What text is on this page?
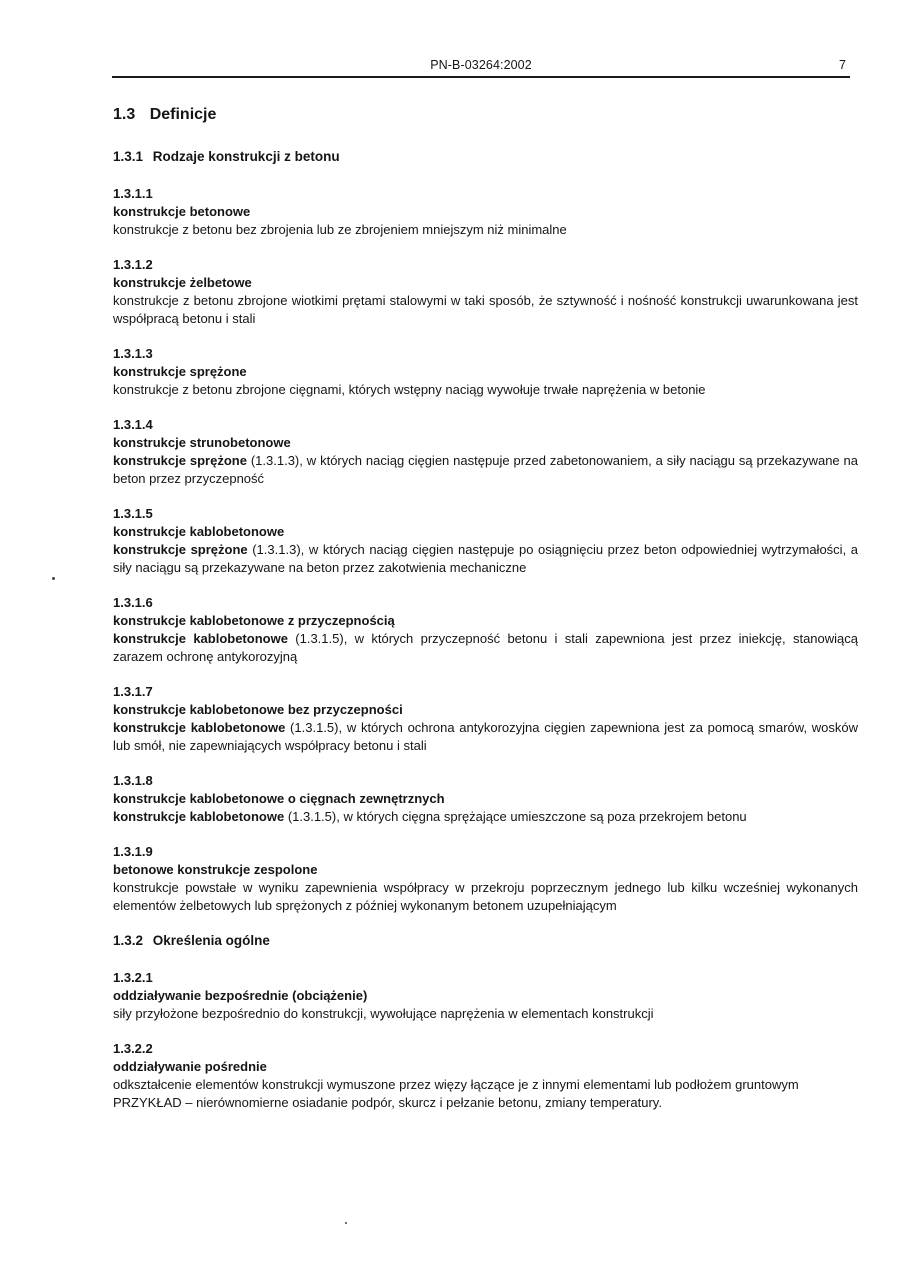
PN-B-03264:2002	7
1.3 Definicje
1.3.1 Rodzaje konstrukcji z betonu
1.3.1.1
konstrukcje betonowe
konstrukcje z betonu bez zbrojenia lub ze zbrojeniem mniejszym niż minimalne
1.3.1.2
konstrukcje żelbetowe
konstrukcje z betonu zbrojone wiotkimi prętami stalowymi w taki sposób, że sztywność i nośność konstrukcji uwarunkowana jest współpracą betonu i stali
1.3.1.3
konstrukcje sprężone
konstrukcje z betonu zbrojone cięgnami, których wstępny naciąg wywołuje trwałe naprężenia w betonie
1.3.1.4
konstrukcje strunobetonowe
konstrukcje sprężone (1.3.1.3), w których naciąg cięgien następuje przed zabetonowaniem, a siły naciągu są przekazywane na beton przez przyczepność
1.3.1.5
konstrukcje kablobetonowe
konstrukcje sprężone (1.3.1.3), w których naciąg cięgien następuje po osiągnięciu przez beton odpowiedniej wytrzymałości, a siły naciągu są przekazywane na beton przez zakotwienia mechaniczne
1.3.1.6
konstrukcje kablobetonowe z przyczepnością
konstrukcje kablobetonowe (1.3.1.5), w których przyczepność betonu i stali zapewniona jest przez iniekcję, stanowiącą zarazem ochronę antykorozyjną
1.3.1.7
konstrukcje kablobetonowe bez przyczepności
konstrukcje kablobetonowe (1.3.1.5), w których ochrona antykorozyjna cięgien zapewniona jest za pomocą smarów, wosków lub smół, nie zapewniających współpracy betonu i stali
1.3.1.8
konstrukcje kablobetonowe o cięgnach zewnętrznych
konstrukcje kablobetonowe (1.3.1.5), w których cięgna sprężające umieszczone są poza przekrojem betonu
1.3.1.9
betonowe konstrukcje zespolone
konstrukcje powstałe w wyniku zapewnienia współpracy w przekroju poprzecznym jednego lub kilku wcześniej wykonanych elementów żelbetowych lub sprężonych z później wykonanym betonem uzupełniającym
1.3.2 Określenia ogólne
1.3.2.1
oddziaływanie bezpośrednie (obciążenie)
siły przyłożone bezpośrednio do konstrukcji, wywołujące naprężenia w elementach konstrukcji
1.3.2.2
oddziaływanie pośrednie
odkształcenie elementów konstrukcji wymuszone przez więzy łączące je z innymi elementami lub podłożem gruntowym
PRZYKŁAD – nierównomierne osiadanie podpór, skurcz i pełzanie betonu, zmiany temperatury.
